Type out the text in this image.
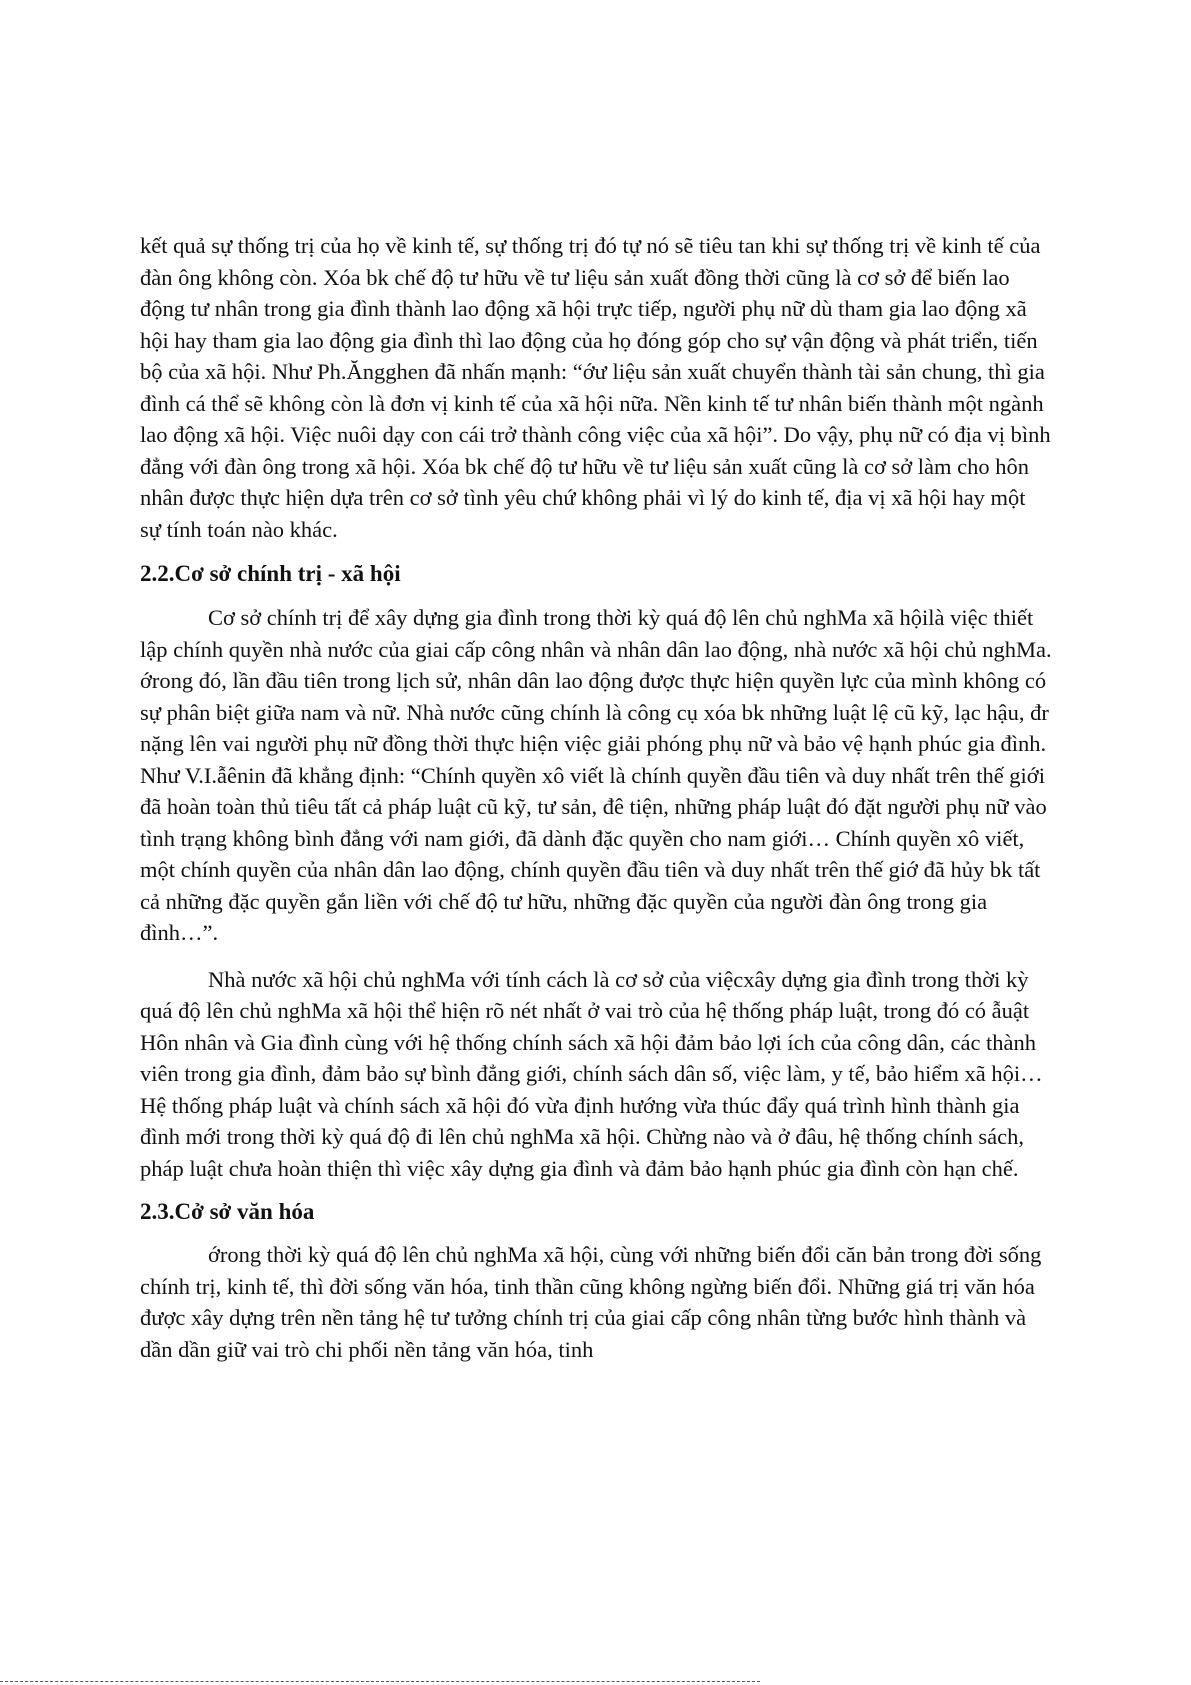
kết quả sự thống trị của họ về kinh tế, sự thống trị đó tự nó sẽ tiêu tan khi sự thống trị về kinh tế của đàn ông không còn. Xóa bk chế độ tư hữu về tư liệu sản xuất đồng thời cũng là cơ sở để biến lao động tư nhân trong gia đình thành lao động xã hội trực tiếp, người phụ nữ dù tham gia lao động xã hội hay tham gia lao động gia đình thì lao động của họ đóng góp cho sự vận động và phát triển, tiến bộ của xã hội. Như Ph.Ăngghen đã nhấn mạnh: “ớư liệu sản xuất chuyển thành tài sản chung, thì gia đình cá thể sẽ không còn là đơn vị kinh tế của xã hội nữa. Nền kinh tế tư nhân biến thành một ngành lao động xã hội. Việc nuôi dạy con cái trở thành công việc của xã hội”. Do vậy, phụ nữ có địa vị bình đẳng với đàn ông trong xã hội. Xóa bk chế độ tư hữu về tư liệu sản xuất cũng là cơ sở làm cho hôn nhân được thực hiện dựa trên cơ sở tình yêu chứ không phải vì lý do kinh tế, địa vị xã hội hay một sự tính toán nào khác.

2.2.Cơ sở chính trị - xã hội

Cơ sở chính trị để xây dựng gia đình trong thời kỳ quá độ lên chủ nghMa xã hộilà việc thiết lập chính quyền nhà nước của giai cấp công nhân và nhân dân lao động, nhà nước xã hội chủ nghMa. ớrong đó, lần đầu tiên trong lịch sử, nhân dân lao động được thực hiện quyền lực của mình không có sự phân biệt giữa nam và nữ. Nhà nước cũng chính là công cụ xóa bk những luật lệ cũ kỹ, lạc hậu, đr nặng lên vai người phụ nữ đồng thời thực hiện việc giải phóng phụ nữ và bảo vệ hạnh phúc gia đình. Như V.I.ẫênin đã khẳng định: “Chính quyền xô viết là chính quyền đầu tiên và duy nhất trên thế giới đã hoàn toàn thủ tiêu tất cả pháp luật cũ kỹ, tư sản, đê tiện, những pháp luật đó đặt người phụ nữ vào tình trạng không bình đẳng với nam giới, đã dành đặc quyền cho nam giới… Chính quyền xô viết, một chính quyền của nhân dân lao động, chính quyền đầu tiên và duy nhất trên thế giớ đã hủy bk tất cả những đặc quyền gắn liền với chế độ tư hữu, những đặc quyền của người đàn ông trong gia đình…”.

Nhà nước xã hội chủ nghMa với tính cách là cơ sở của việcxây dựng gia đình trong thời kỳ quá độ lên chủ nghMa xã hội thể hiện rõ nét nhất ở vai trò của hệ thống pháp luật, trong đó có ẫuật Hôn nhân và Gia đình cùng với hệ thống chính sách xã hội đảm bảo lợi ích của công dân, các thành viên trong gia đình, đảm bảo sự bình đẳng giới, chính sách dân số, việc làm, y tế, bảo hiểm xã hội… Hệ thống pháp luật và chính sách xã hội đó vừa định hướng vừa thúc đẩy quá trình hình thành gia đình mới trong thời kỳ quá độ đi lên chủ nghMa xã hội. Chừng nào và ở đâu, hệ thống chính sách, pháp luật chưa hoàn thiện thì việc xây dựng gia đình và đảm bảo hạnh phúc gia đình còn hạn chế.

2.3.Cở sở văn hóa

ớrong thời kỳ quá độ lên chủ nghMa xã hội, cùng với những biến đổi căn bản trong đời sống chính trị, kinh tế, thì đời sống văn hóa, tinh thần cũng không ngừng biến đổi. Những giá trị văn hóa được xây dựng trên nền tảng hệ tư tưởng chính trị của giai cấp công nhân từng bước hình thành và dần dần giữ vai trò chi phối nền tảng văn hóa, tinh
